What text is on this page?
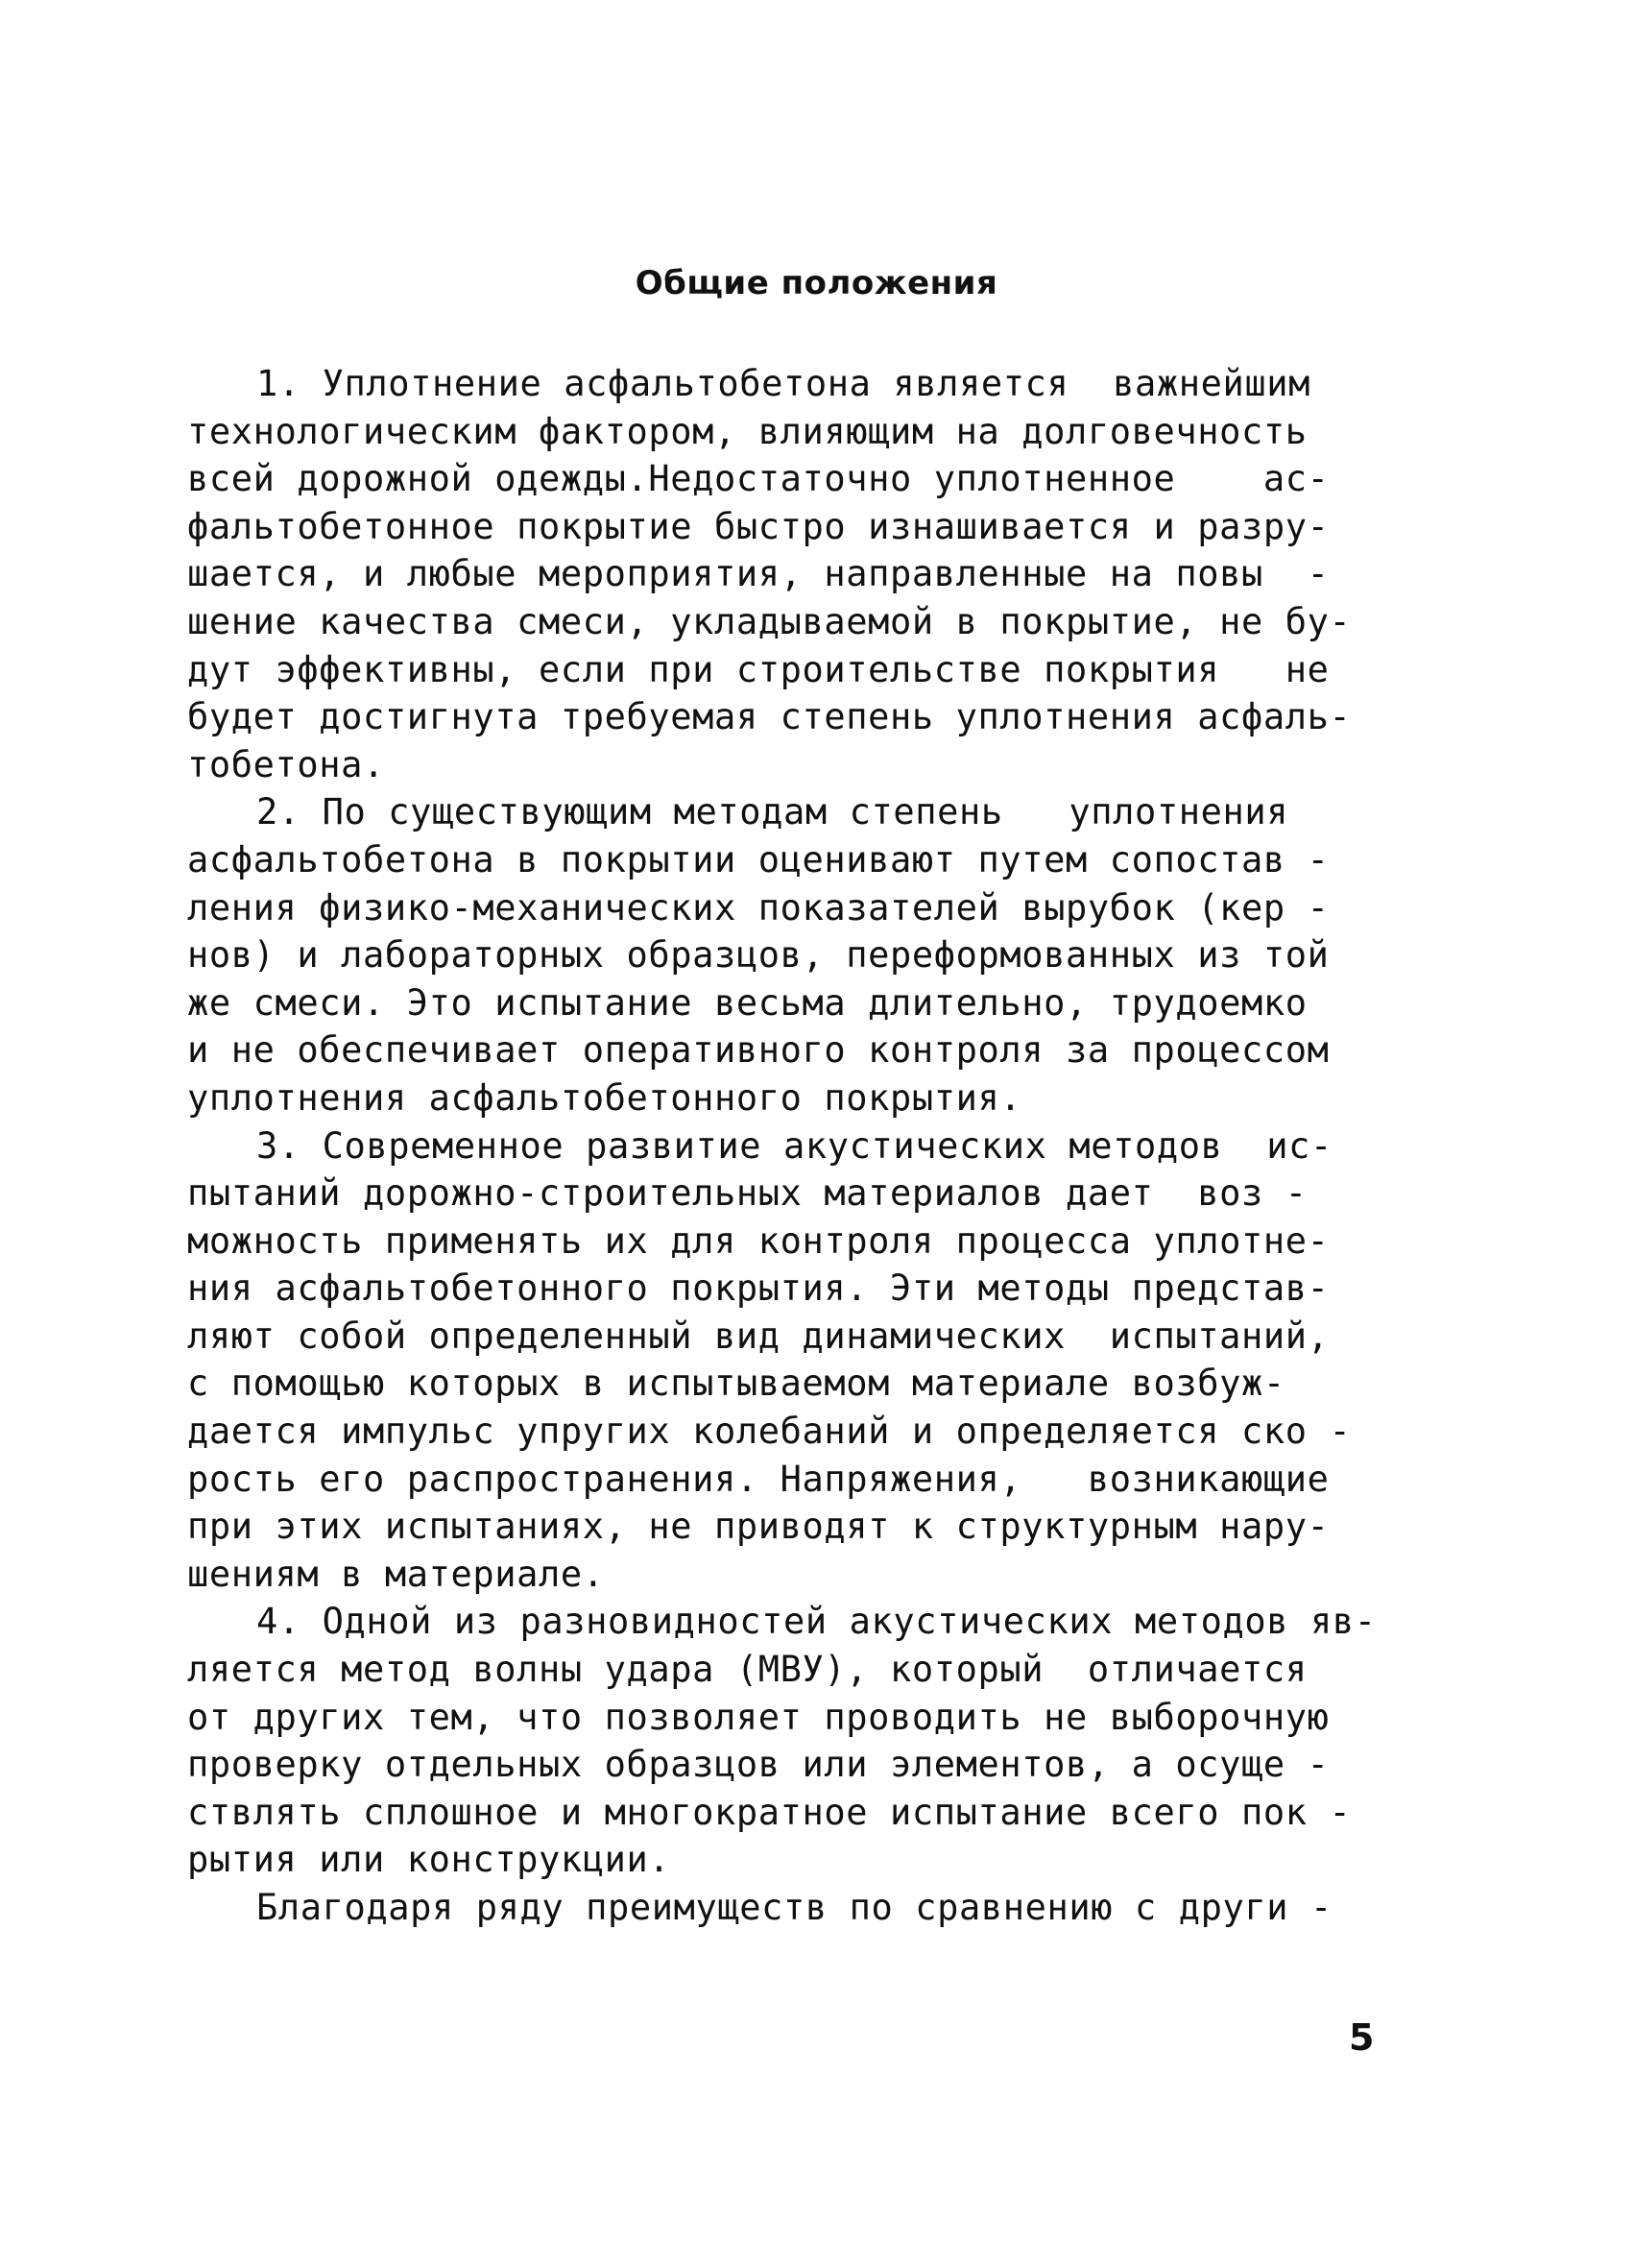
Общие положения
1. Уплотнение асфальтобетона является  важнейшим
технологическим фактором, влияющим на долговечность
всей дорожной одежды.Недостаточно уплотненное    ас-
фальтобетонное покрытие быстро изнашивается и разру-
шается, и любые мероприятия, направленные на повы  -
шение качества смеси, укладываемой в покрытие, не бу-
дут эффективны, если при строительстве покрытия   не
будет достигнута требуемая степень уплотнения асфаль-
тобетона.
2. По существующим методам степень   уплотнения
асфальтобетона в покрытии оценивают путем сопостав -
ления физико-механических показателей вырубок (кер -
нов) и лабораторных образцов, переформованных из той
же смеси. Это испытание весьма длительно, трудоемко
и не обеспечивает оперативного контроля за процессом
уплотнения асфальтобетонного покрытия.
3. Современное развитие акустических методов  ис-
пытаний дорожно-строительных материалов дает  воз -
можность применять их для контроля процесса уплотне-
ния асфальтобетонного покрытия. Эти методы представ-
ляют собой определенный вид динамических  испытаний,
с помощью которых в испытываемом материале возбуж-
дается импульс упругих колебаний и определяется ско -
рость его распространения. Напряжения,   возникающие
при этих испытаниях, не приводят к структурным нару-
шениям в материале.
4. Одной из разновидностей акустических методов яв-
ляется метод волны удара (МВУ), который  отличается
от других тем, что позволяет проводить не выборочную
проверку отдельных образцов или элементов, а осуще -
ствлять сплошное и многократное испытание всего пок -
рытия или конструкции.
Благодаря ряду преимуществ по сравнению с други -
5
